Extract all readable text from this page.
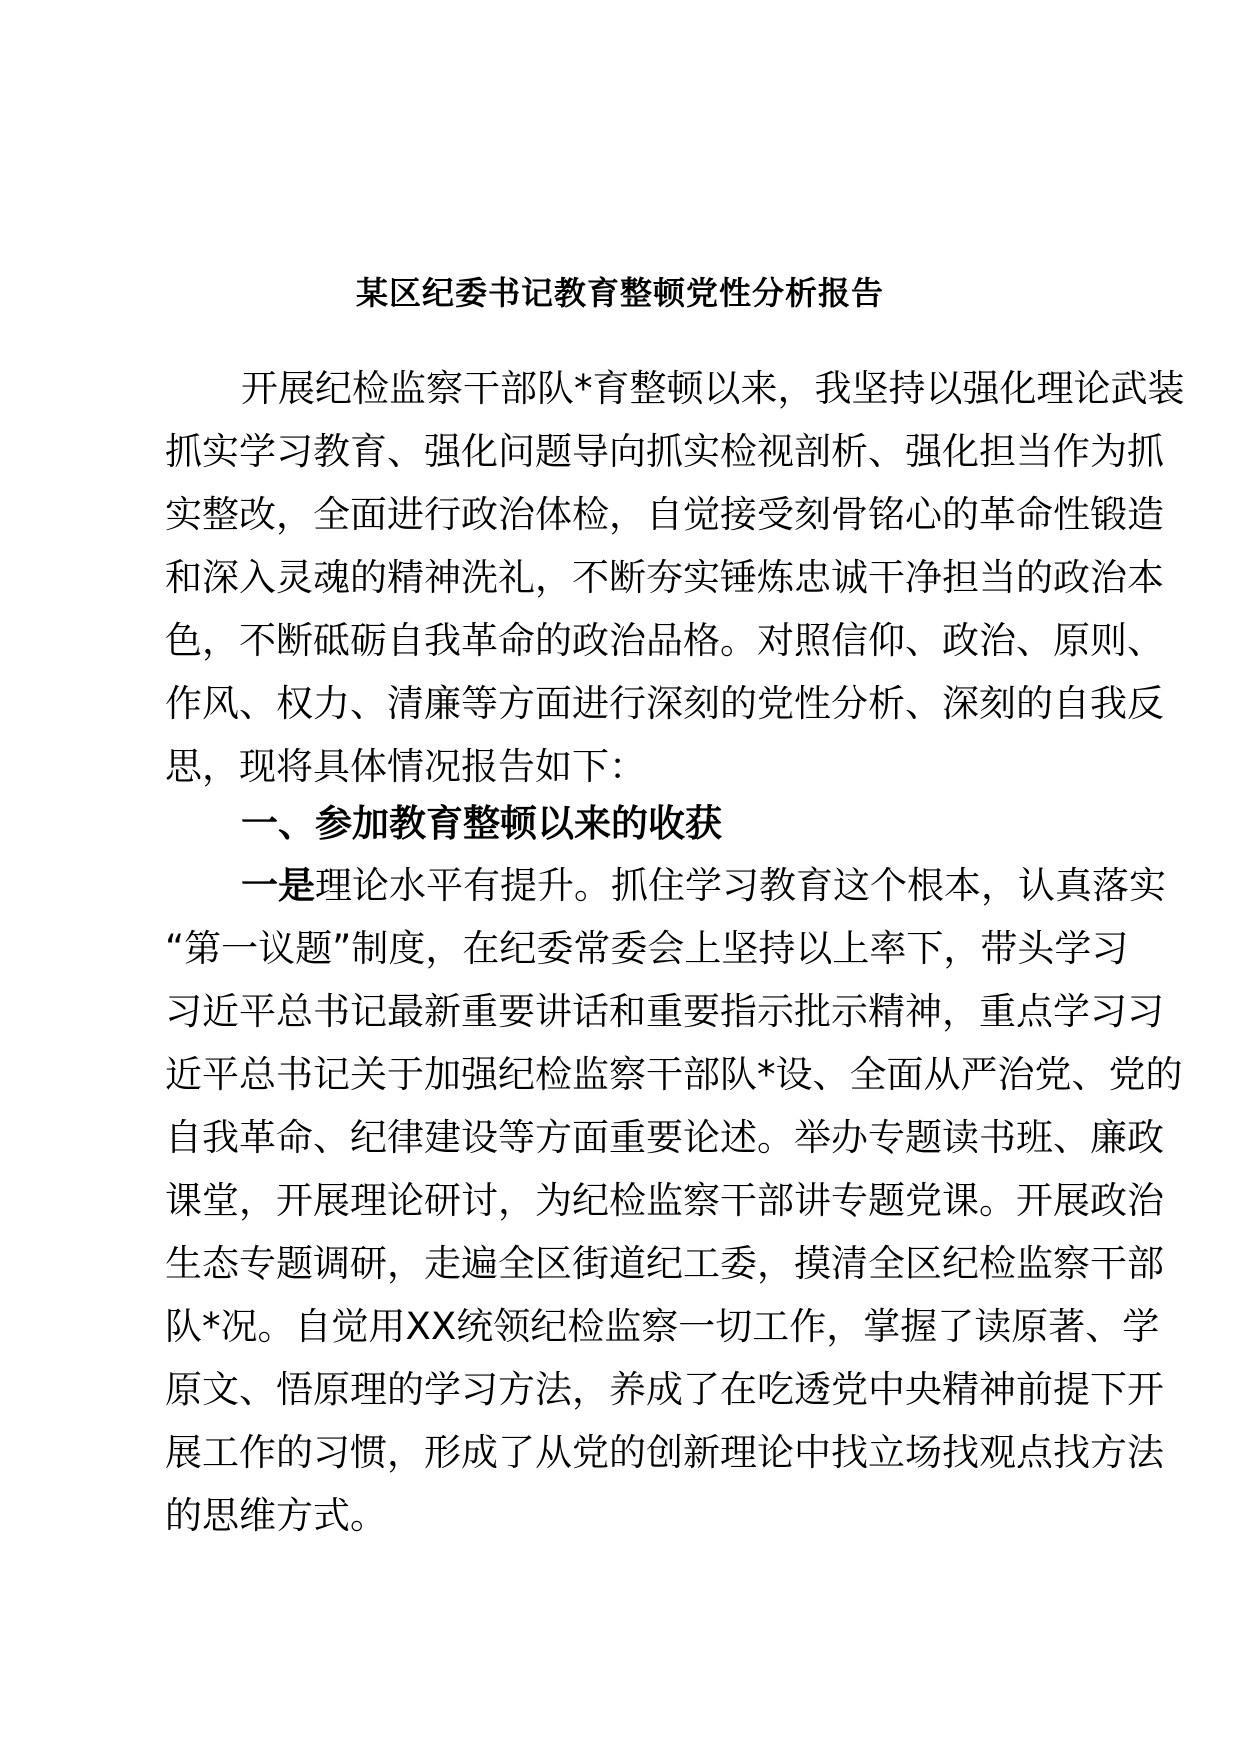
某区纪委书记教育整顿党性分析报告
开展纪检监察干部队*育整顿以来，我坚持以强化理论武装
抓实学习教育、强化问题导向抓实检视剖析、强化担当作为抓
实整改，全面进行政治体检，自觉接受刻骨铭心的革命性锻造
和深入灵魂的精神洗礼，不断夯实锤炼忠诚干净担当的政治本
色，不断砥砺自我革命的政治品格。对照信仰、政治、原则、
作风、权力、清廉等方面进行深刻的党性分析、深刻的自我反
思，现将具体情况报告如下：
一、参加教育整顿以来的收获
一是理论水平有提升。抓住学习教育这个根本，认真落实
“第一议题”制度，在纪委常委会上坚持以上率下，带头学习
习近平总书记最新重要讲话和重要指示批示精神，重点学习习
近平总书记关于加强纪检监察干部队*设、全面从严治党、党的
自我革命、纪律建设等方面重要论述。举办专题读书班、廉政
课堂，开展理论研讨，为纪检监察干部讲专题党课。开展政治
生态专题调研，走遍全区街道纪工委，摸清全区纪检监察干部
队*况。自觉用XX统领纪检监察一切工作，掌握了读原著、学
原文、悟原理的学习方法，养成了在吃透党中央精神前提下开
展工作的习惯，形成了从党的创新理论中找立场找观点找方法
的思维方式。
